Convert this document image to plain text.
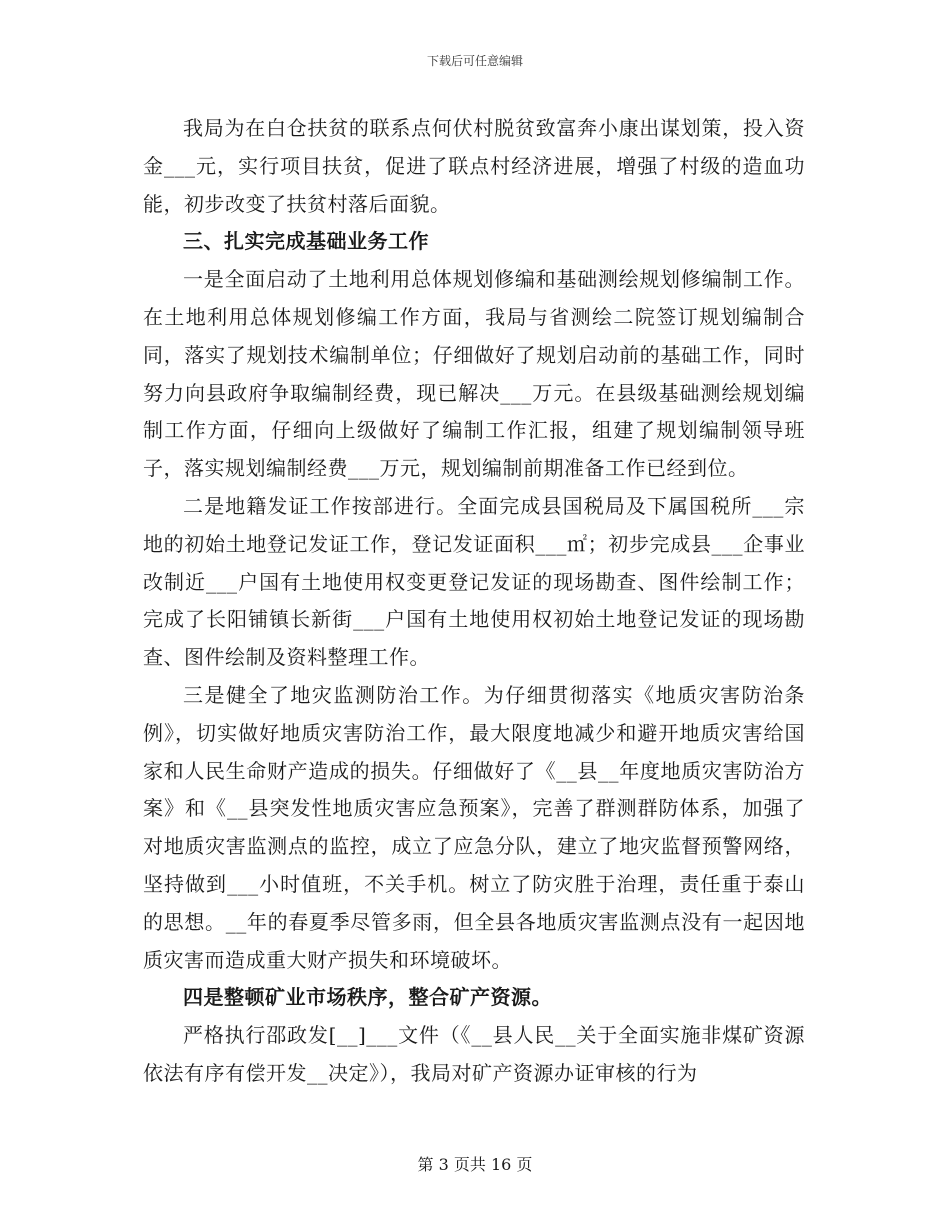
下载后可任意编辑

我局为在白仓扶贫的联系点何伏村脱贫致富奔小康出谋划策，投入资金___元，实行项目扶贫，促进了联点村经济进展，增强了村级的造血功能，初步改变了扶贫村落后面貌。

三、扎实完成基础业务工作

一是全面启动了土地利用总体规划修编和基础测绘规划修编制工作。在土地利用总体规划修编工作方面，我局与省测绘二院签订规划编制合同，落实了规划技术编制单位；仔细做好了规划启动前的基础工作，同时努力向县政府争取编制经费，现已解决___万元。在县级基础测绘规划编制工作方面，仔细向上级做好了编制工作汇报，组建了规划编制领导班子，落实规划编制经费___万元，规划编制前期准备工作已经到位。

二是地籍发证工作按部进行。全面完成县国税局及下属国税所___宗地的初始土地登记发证工作，登记发证面积___㎡；初步完成县___企事业改制近___户国有土地使用权变更登记发证的现场勘查、图件绘制工作；完成了长阳铺镇长新街___户国有土地使用权初始土地登记发证的现场勘查、图件绘制及资料整理工作。

三是健全了地灾监测防治工作。为仔细贯彻落实《地质灾害防治条例》，切实做好地质灾害防治工作，最大限度地减少和避开地质灾害给国家和人民生命财产造成的损失。仔细做好了《__县__年度地质灾害防治方案》和《__县突发性地质灾害应急预案》，完善了群测群防体系，加强了对地质灾害监测点的监控，成立了应急分队，建立了地灾监督预警网络，坚持做到___小时值班，不关手机。树立了防灾胜于治理，责任重于泰山的思想。__年的春夏季尽管多雨，但全县各地质灾害监测点没有一起因地质灾害而造成重大财产损失和环境破坏。

四是整顿矿业市场秩序，整合矿产资源。

严格执行邵政发[__]___文件（《__县人民__关于全面实施非煤矿资源依法有序有偿开发__决定》），我局对矿产资源办证审核的行为

第 3 页共 16 页
